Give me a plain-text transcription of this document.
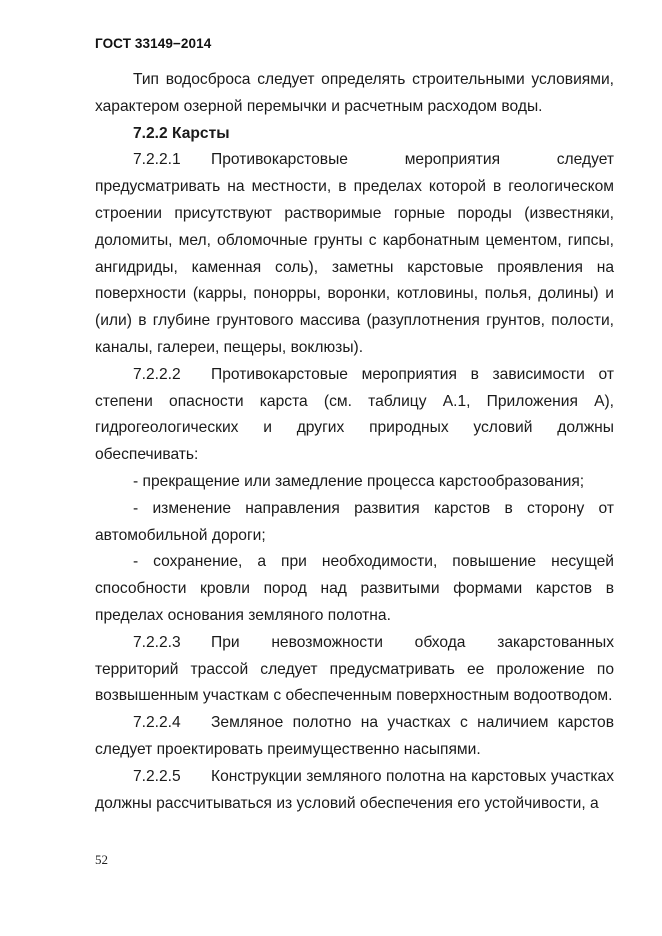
ГОСТ 33149−2014

Тип водосброса следует определять строительными условиями, характером озерной перемычки и расчетным расходом воды.

7.2.2 Карсты

7.2.2.1 Противокарстовые мероприятия следует предусматривать на местности, в пределах которой в геологическом строении присутствуют растворимые горные породы (известняки, доломиты, мел, обломочные грунты с карбонатным цементом, гипсы, ангидриды, каменная соль), заметны карстовые проявления на поверхности (карры, понорры, воронки, котловины, полья, долины) и (или) в глубине грунтового массива (разуплотнения грунтов, полости, каналы, галереи, пещеры, воклюзы).

7.2.2.2 Противокарстовые мероприятия в зависимости от степени опасности карста (см. таблицу А.1, Приложения А), гидрогеологических и других природных условий должны обеспечивать:

- прекращение или замедление процесса карстообразования;

- изменение направления развития карстов в сторону от автомобильной дороги;

- сохранение, а при необходимости, повышение несущей способности кровли пород над развитыми формами карстов в пределах основания земляного полотна.

7.2.2.3 При невозможности обхода закарстованных территорий трассой следует предусматривать ее проложение по возвышенным участкам с обеспеченным поверхностным водоотводом.

7.2.2.4 Земляное полотно на участках с наличием карстов следует проектировать преимущественно насыпями.

7.2.2.5 Конструкции земляного полотна на карстовых участках должны рассчитываться из условий обеспечения его устойчивости, а

52
